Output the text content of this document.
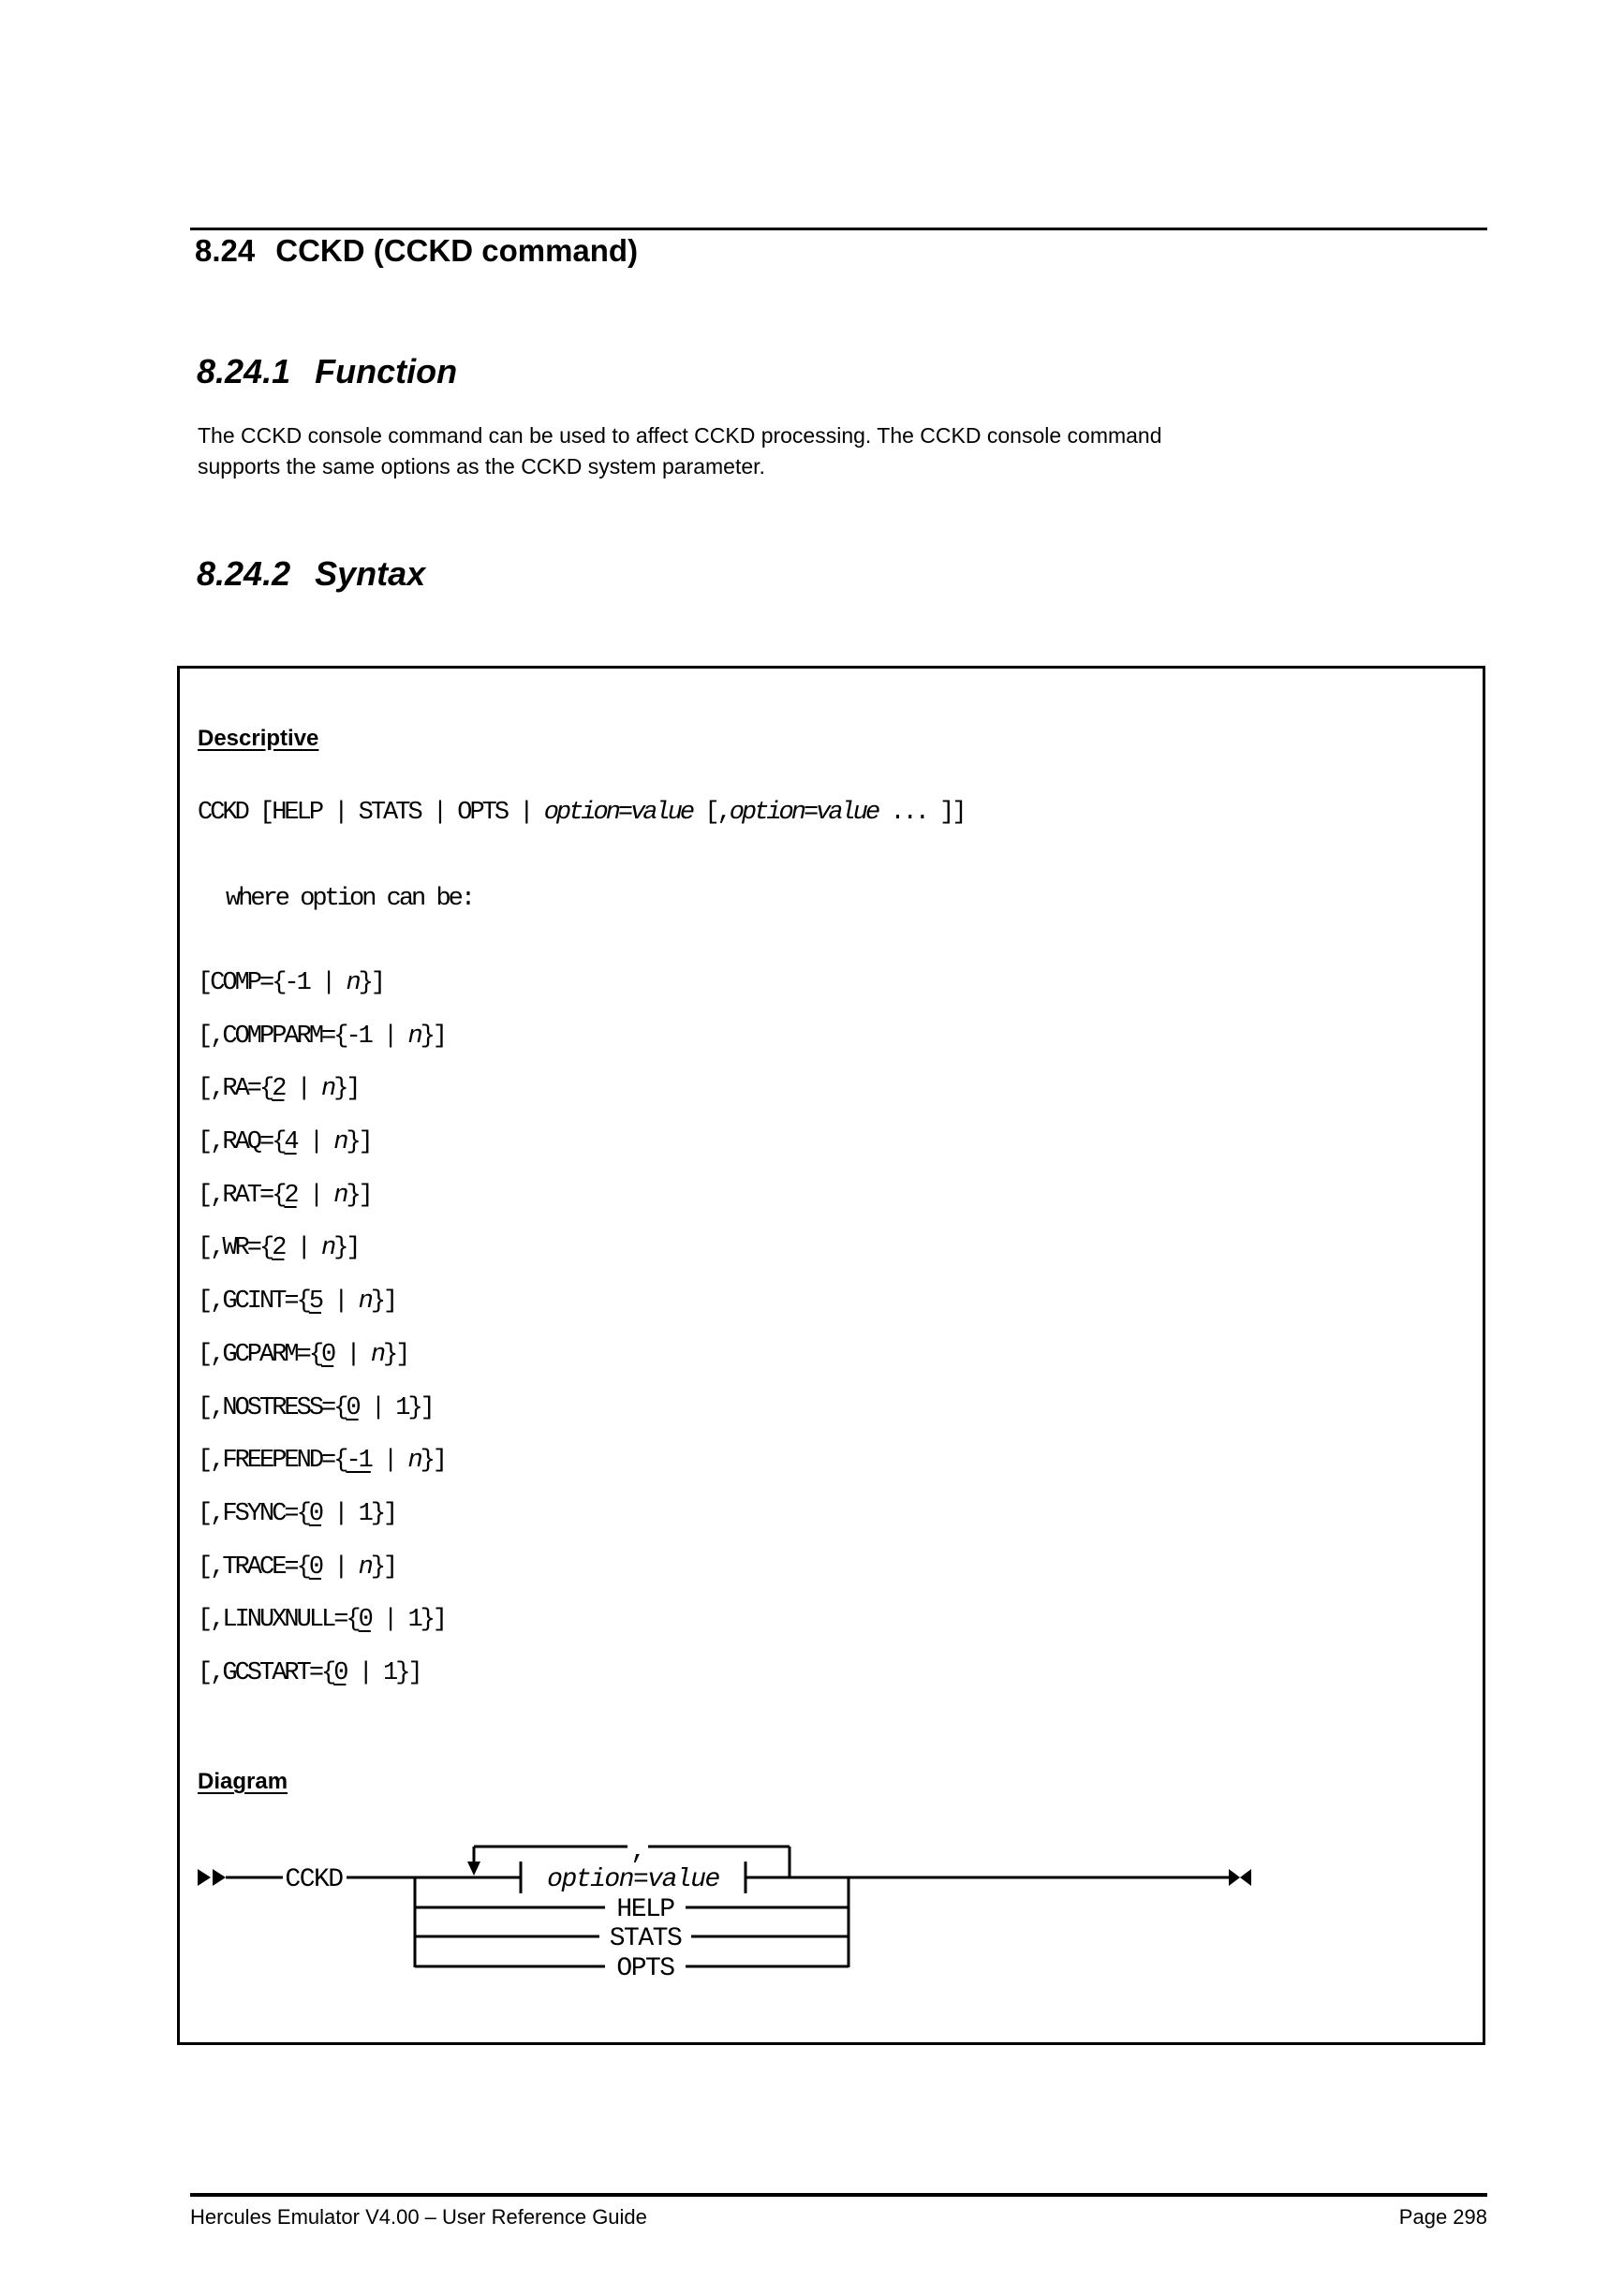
8.24 CCKD (CCKD command)
8.24.1 Function
The CCKD console command can be used to affect CCKD processing. The CCKD console command
supports the same options as the CCKD system parameter.
8.24.2 Syntax
Descriptive
CCKD [HELP | STATS | OPTS | option=value [,option=value ... ]]
where option can be:
[COMP={-1 | n}]
[,COMPPARM={-1 | n}]
[,RA={2 | n}]
[,RAQ={4 | n}]
[,RAT={2 | n}]
[,WR={2 | n}]
[,GCINT={5 | n}]
[,GCPARM={0 | n}]
[,NOSTRESS={0 | 1}]
[,FREEPEND={-1 | n}]
[,FSYNC={0 | 1}]
[,TRACE={0 | n}]
[,LINUXNULL={0 | 1}]
[,GCSTART={0 | 1}]
Diagram
CCKD
,
option=value
HELP
STATS
OPTS
Hercules Emulator V4.00 – User Reference Guide	Page 298
